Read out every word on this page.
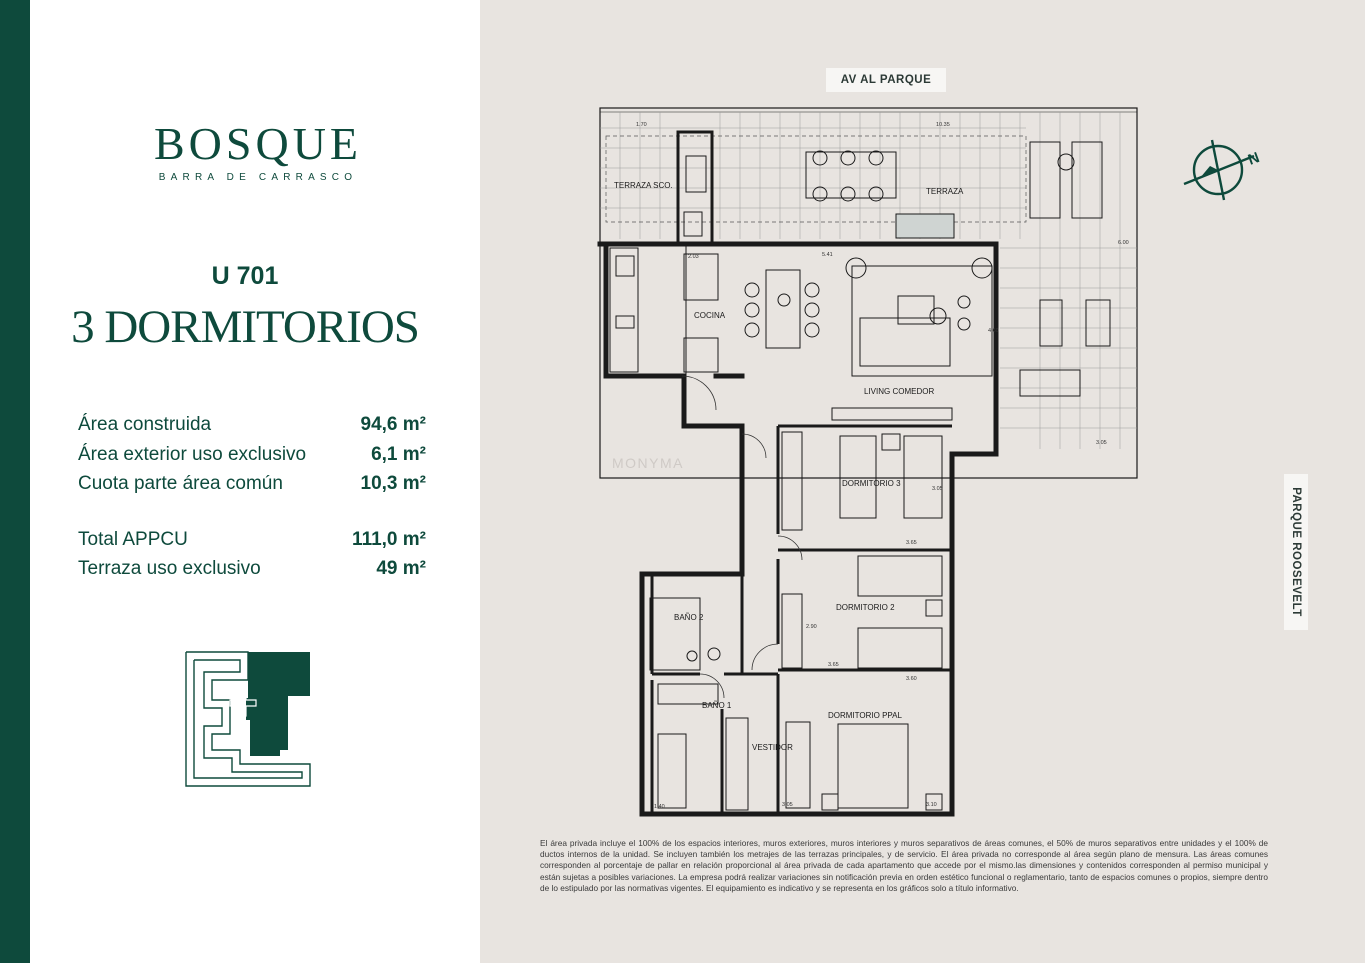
BOSQUE
BARRA DE CARRASCO
U 701
3 DORMITORIOS
Área construida	94,6 m²
Área exterior uso exclusivo	6,1 m²
Cuota parte área común	10,3 m²
Total APPCU	111,0 m²
Terraza uso exclusivo	49 m²
AV AL PARQUE
PARQUE ROOSEVELT
N
TERRAZA SCO.
TERRAZA
COCINA
LIVING COMEDOR
DORMITORIO 3
DORMITORIO 2
DORMITORIO PPAL
BAÑO 2
BAÑO 1
VESTIDOR
1.70	10.35
2.03	5.41
4.60
6.00
3.05
3.65
3.65
3.60
3.05
3.05
1.40
2.90
3.10
MONYMA
El área privada incluye el 100% de los espacios interiores, muros exteriores, muros interiores y muros separativos de áreas comunes, el 50% de muros separativos entre unidades y el 100% de ductos internos de la unidad. Se incluyen también los metrajes de las terrazas principales, y de servicio. El área privada no corresponde al área según plano de mensura. Las áreas comunes corresponden al porcentaje de pallar en relación proporcional al área privada de cada apartamento que accede por el mismo.las dimensiones y contenidos corresponden al permiso municipal y están sujetas a posibles variaciones. La empresa podrá realizar variaciones sin notificación previa en orden estético funcional o reglamentario, tanto de espacios comunes o propios, siempre dentro de lo estipulado por las normativas vigentes. El equipamiento es indicativo y se representa en los gráficos solo a título informativo.
